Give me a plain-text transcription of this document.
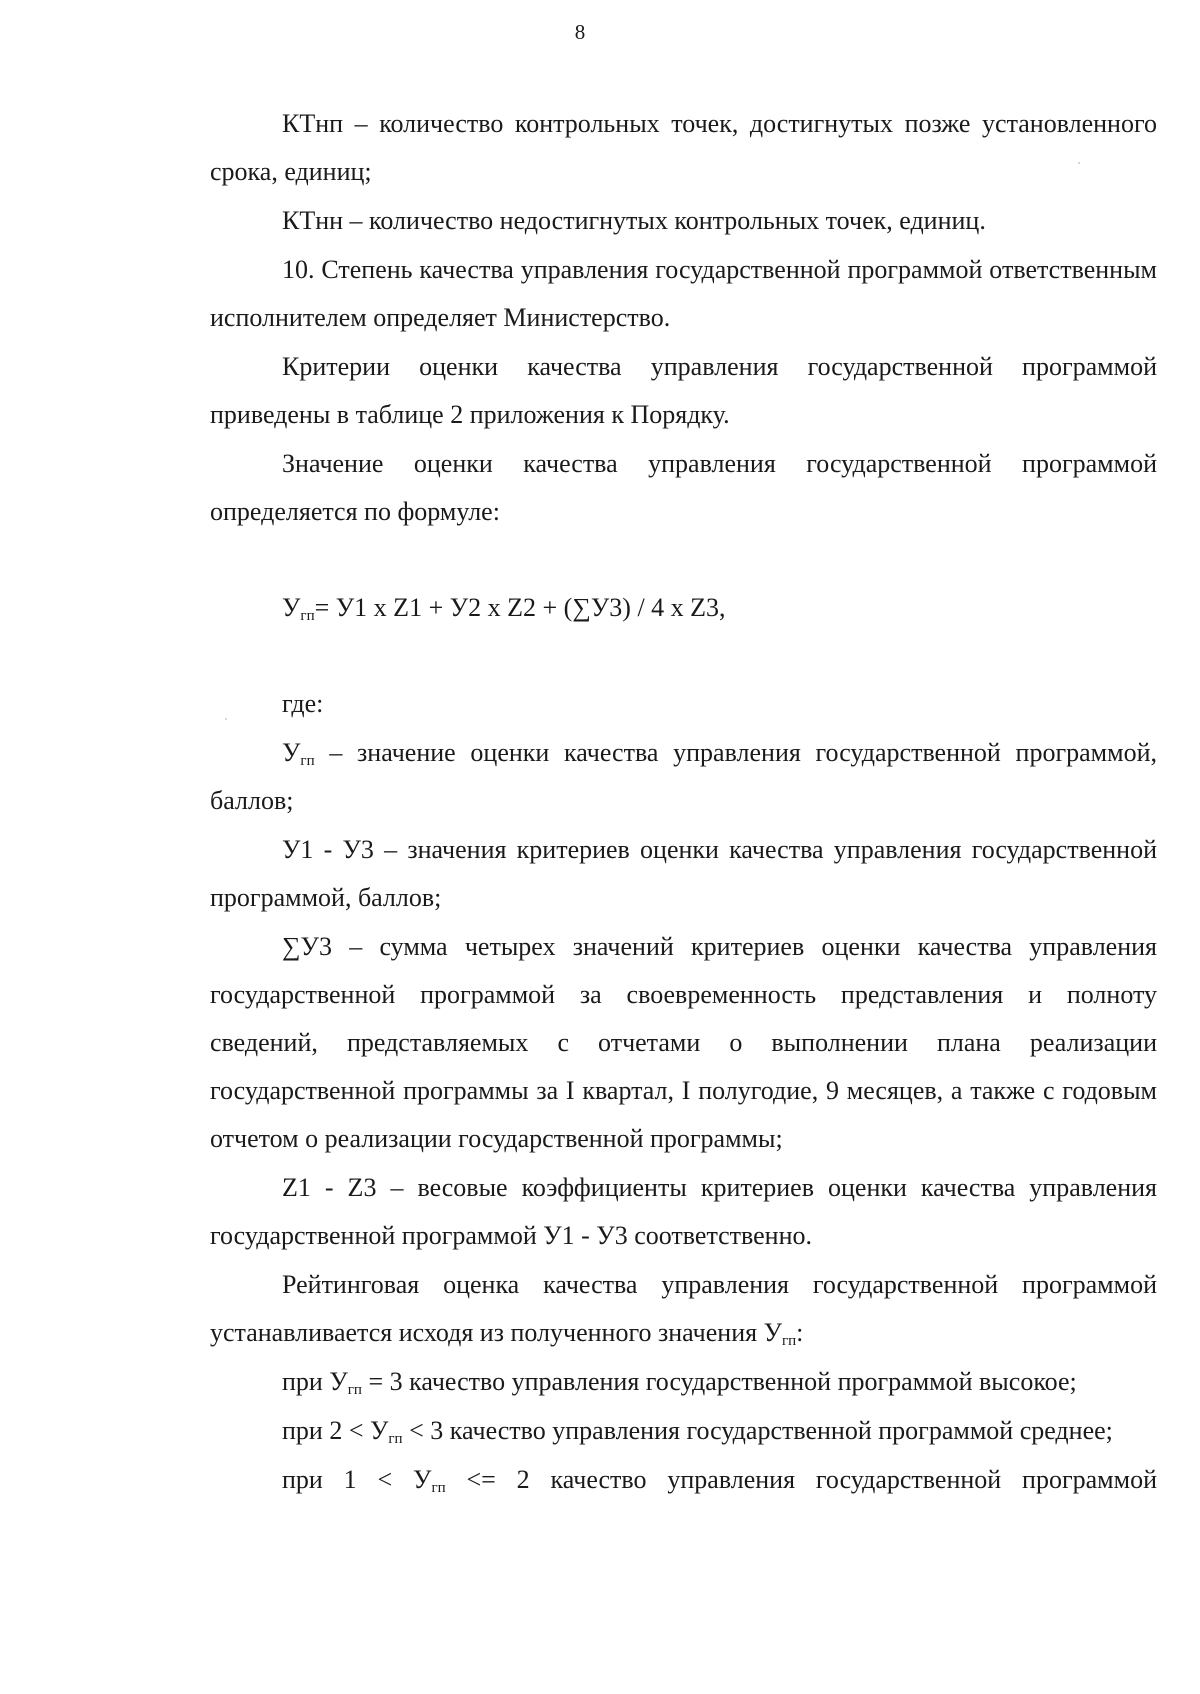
8

КТнп – количество контрольных точек, достигнутых позже установленного срока, единиц;

КТнн – количество недостигнутых контрольных точек, единиц.

10. Степень качества управления государственной программой ответственным исполнителем определяет Министерство.

Критерии оценки качества управления государственной программой приведены в таблице 2 приложения к Порядку.

Значение оценки качества управления государственной программой определяется по формуле:

$У_{гп}= У1$ x Z1 + У2 x Z2 + (∑У3) / 4 x Z3,

где:

$У_{гп}$ – значение оценки качества управления государственной программой, баллов;

У1 - У3 – значения критериев оценки качества управления государственной программой, баллов;

∑У3 – сумма четырех значений критериев оценки качества управления государственной программой за своевременность представления и полноту сведений, представляемых с отчетами о выполнении плана реализации государственной программы за I квартал, I полугодие, 9 месяцев, а также с годовым отчетом о реализации государственной программы;

Z1 - Z3 – весовые коэффициенты критериев оценки качества управления государственной программой У1 - У3 соответственно.

Рейтинговая оценка качества управления государственной программой устанавливается исходя из полученного значения $У_{гп}$:

при $У_{гп} = 3$ качество управления государственной программой высокое;

при $2 < У_{гп} < 3$ качество управления государственной программой среднее;

при $1 < У_{гп} <= 2$ качество управления государственной программой
